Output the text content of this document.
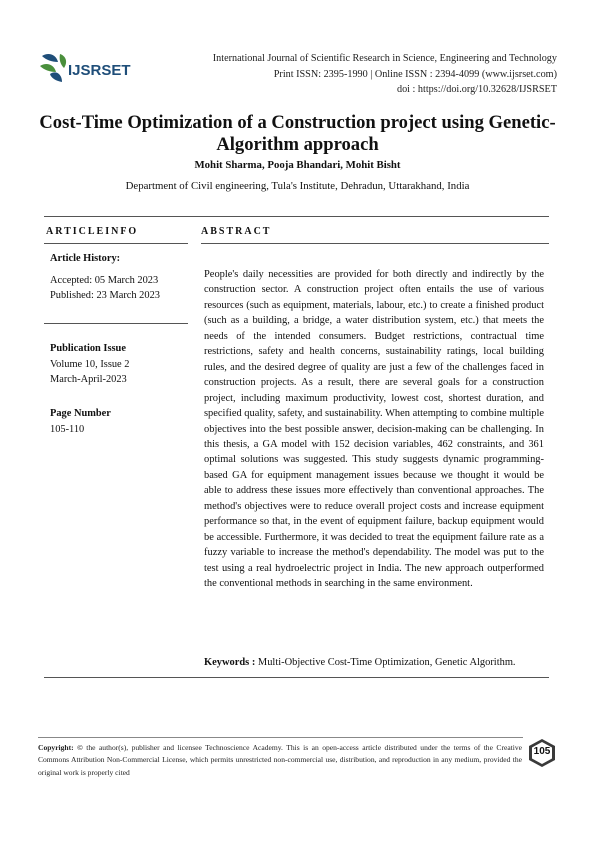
IJSRSET
International Journal of Scientific Research in Science, Engineering and Technology
Print ISSN: 2395-1990 | Online ISSN : 2394-4099 (www.ijsrset.com)
doi : https://doi.org/10.32628/IJSRSET
Cost-Time Optimization of a Construction project using Genetic-
Algorithm approach
Mohit Sharma, Pooja Bhandari, Mohit Bisht
Department of Civil engineering, Tula's Institute, Dehradun, Uttarakhand, India
ARTICLEINFO	ABSTRACT
Article History:
Accepted: 05 March 2023
Published: 23 March 2023
Publication Issue
Volume 10, Issue 2
March-April-2023
Page Number
105-110
People's daily necessities are provided for both directly and indirectly by the construction sector. A construction project often entails the use of various resources (such as equipment, materials, labour, etc.) to create a finished product (such as a building, a bridge, a water distribution system, etc.) that meets the needs of the intended consumers. Budget restrictions, contractual time restrictions, safety and health concerns, sustainability ratings, local building rules, and the desired degree of quality are just a few of the challenges faced in construction projects. As a result, there are several goals for a construction project, including maximum productivity, lowest cost, shortest duration, and specified quality, safety, and sustainability. When attempting to combine multiple objectives into the best possible answer, decision-making can be challenging. In this thesis, a GA model with 152 decision variables, 462 constraints, and 361 optimal solutions was suggested. This study suggests dynamic programming-based GA for equipment management issues because we thought it would be able to address these issues more effectively than conventional approaches. The method's objectives were to reduce overall project costs and increase equipment performance so that, in the event of equipment failure, backup equipment would be accessible. Furthermore, it was decided to treat the equipment failure rate as a fuzzy variable to increase the method's dependability. The model was put to the test using a real hydroelectric project in India. The new approach outperformed the conventional methods in searching in the same environment.
Keywords : Multi-Objective Cost-Time Optimization, Genetic Algorithm.
Copyright: © the author(s), publisher and licensee Technoscience Academy. This is an open-access article distributed under the terms of the Creative Commons Attribution Non-Commercial License, which permits unrestricted non-commercial use, distribution, and reproduction in any medium, provided the original work is properly cited
105
